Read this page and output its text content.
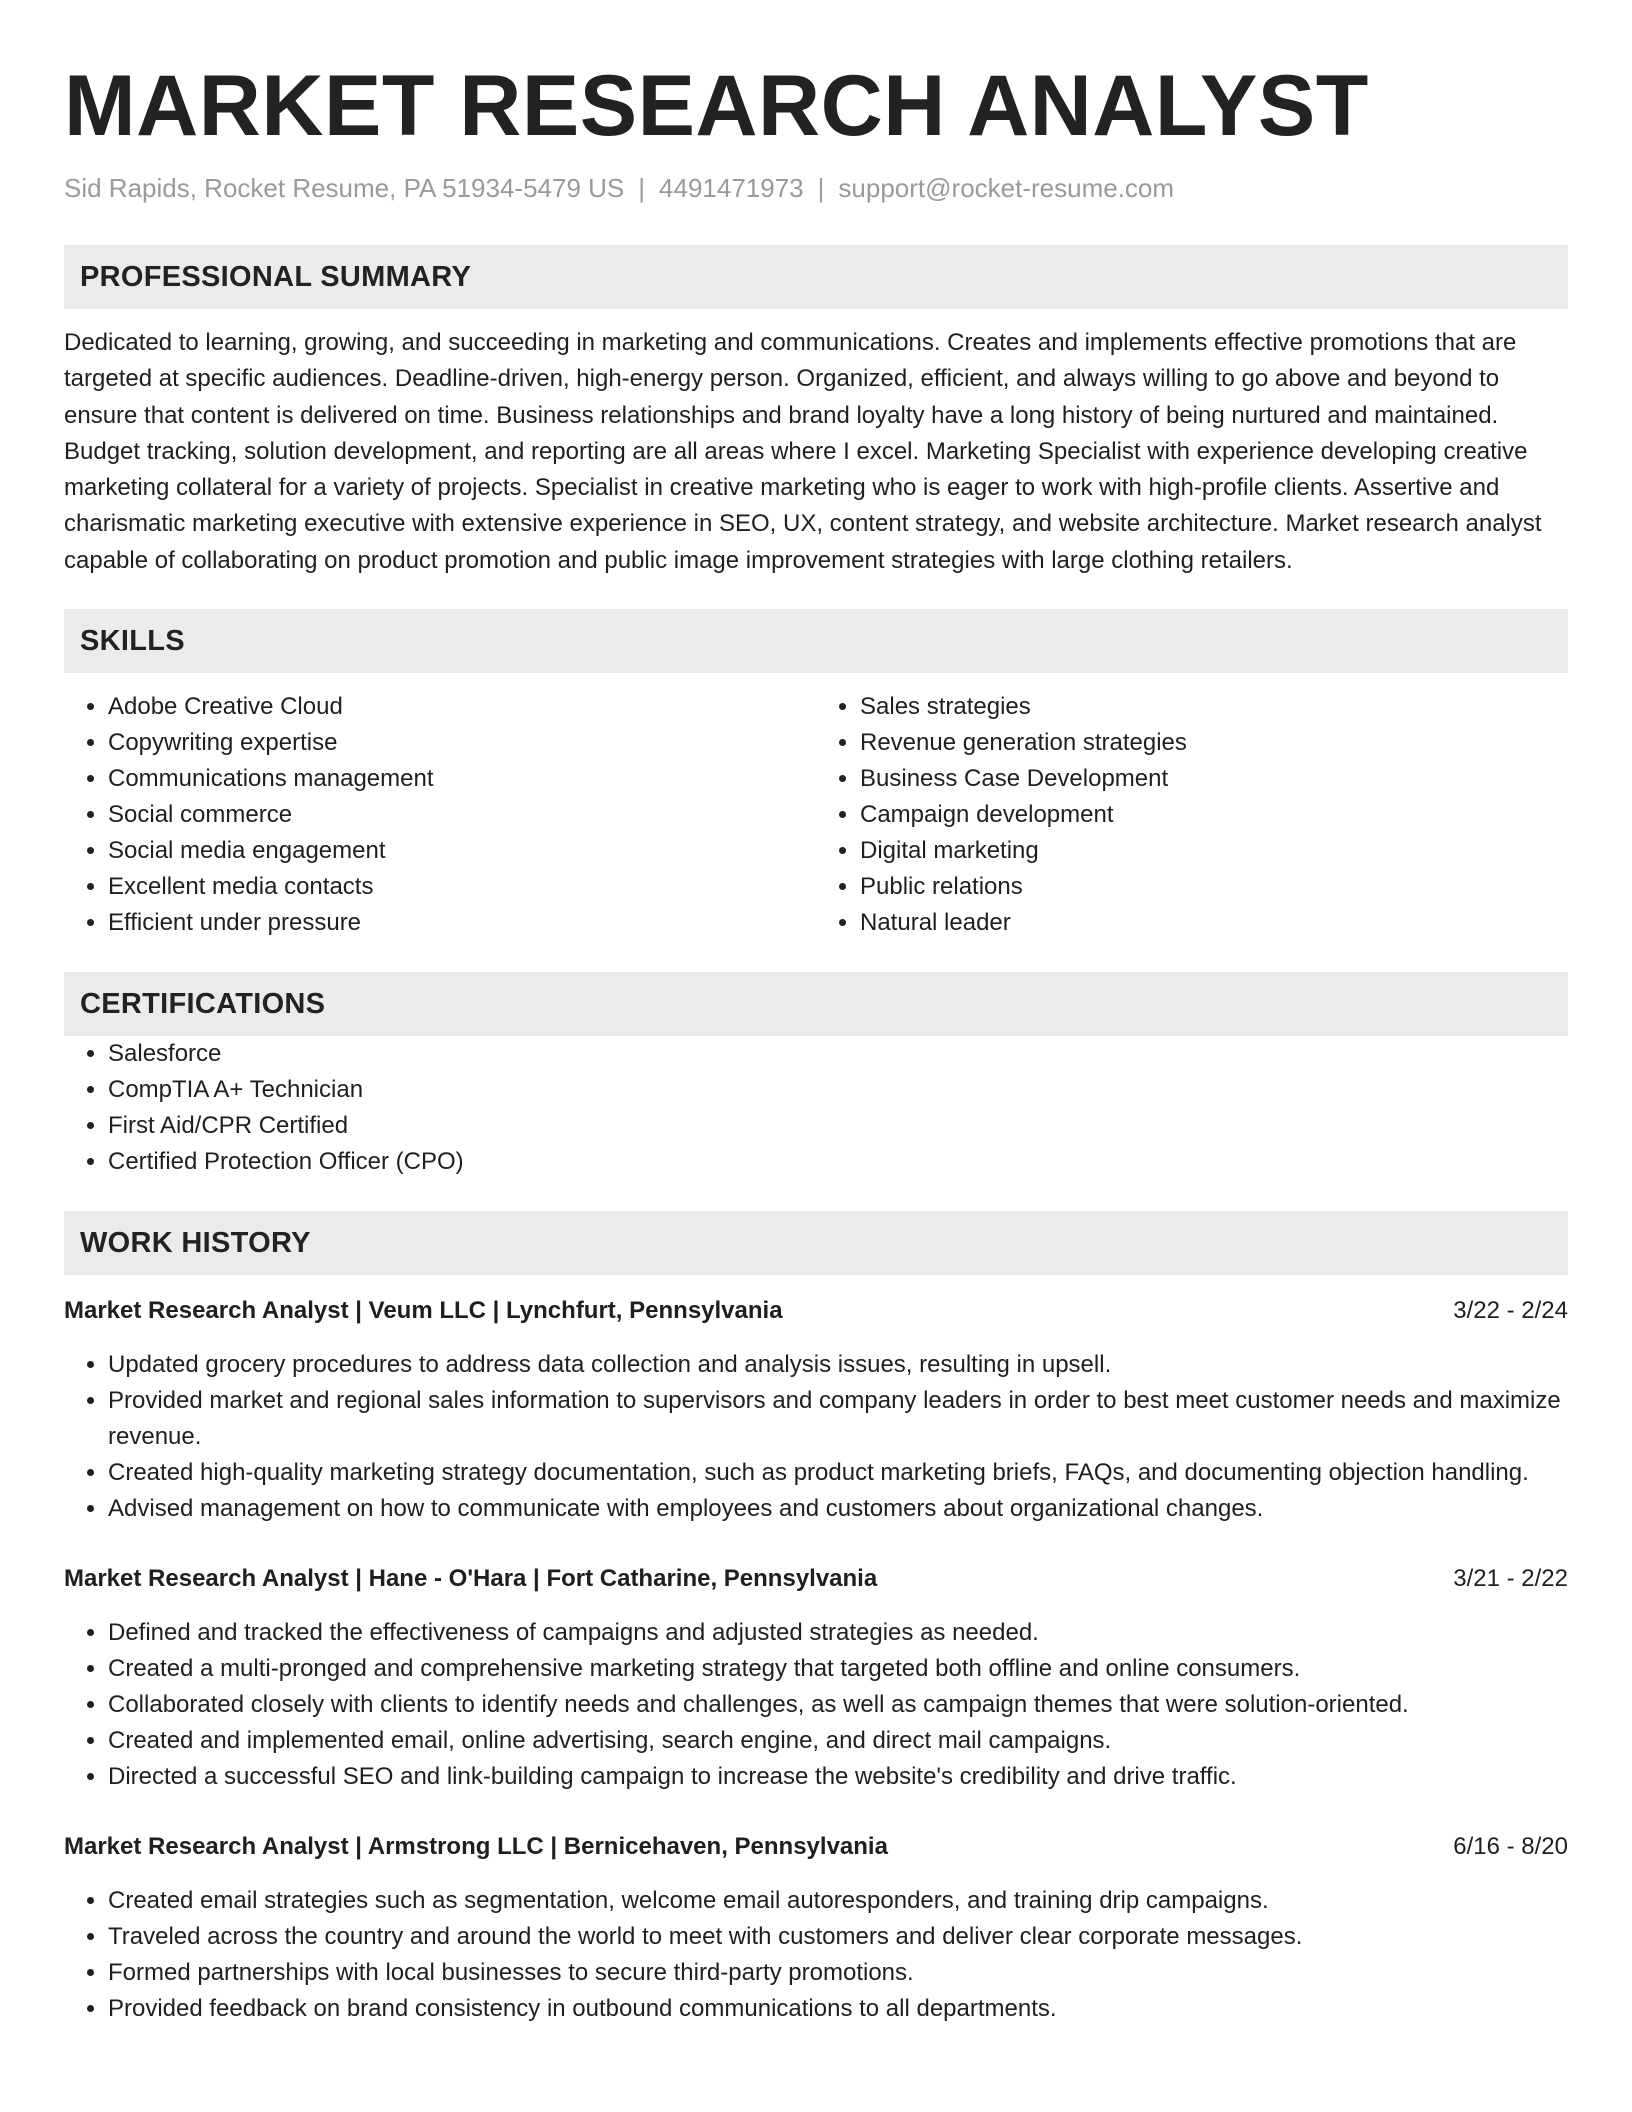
MARKET RESEARCH ANALYST
Sid Rapids, Rocket Resume, PA 51934-5479 US | 4491471973 | support@rocket-resume.com
PROFESSIONAL SUMMARY

Dedicated to learning, growing, and succeeding in marketing and communications. Creates and implements effective promotions that are targeted at specific audiences. Deadline-driven, high-energy person. Organized, efficient, and always willing to go above and beyond to ensure that content is delivered on time. Business relationships and brand loyalty have a long history of being nurtured and maintained. Budget tracking, solution development, and reporting are all areas where I excel. Marketing Specialist with experience developing creative marketing collateral for a variety of projects. Specialist in creative marketing who is eager to work with high-profile clients. Assertive and charismatic marketing executive with extensive experience in SEO, UX, content strategy, and website architecture. Market research analyst capable of collaborating on product promotion and public image improvement strategies with large clothing retailers.

SKILLS
• Adobe Creative Cloud
• Copywriting expertise
• Communications management
• Social commerce
• Social media engagement
• Excellent media contacts
• Efficient under pressure
• Sales strategies
• Revenue generation strategies
• Business Case Development
• Campaign development
• Digital marketing
• Public relations
• Natural leader
CERTIFICATIONS
• Salesforce
• CompTIA A+ Technician
• First Aid/CPR Certified
• Certified Protection Officer (CPO)
WORK HISTORY
Market Research Analyst | Veum LLC | Lynchfurt, Pennsylvania	3/22 - 2/24
• Updated grocery procedures to address data collection and analysis issues, resulting in upsell.
• Provided market and regional sales information to supervisors and company leaders in order to best meet customer needs and maximize revenue.
• Created high-quality marketing strategy documentation, such as product marketing briefs, FAQs, and documenting objection handling.
• Advised management on how to communicate with employees and customers about organizational changes.
Market Research Analyst | Hane - O'Hara | Fort Catharine, Pennsylvania	3/21 - 2/22
• Defined and tracked the effectiveness of campaigns and adjusted strategies as needed.
• Created a multi-pronged and comprehensive marketing strategy that targeted both offline and online consumers.
• Collaborated closely with clients to identify needs and challenges, as well as campaign themes that were solution-oriented.
• Created and implemented email, online advertising, search engine, and direct mail campaigns.
• Directed a successful SEO and link-building campaign to increase the website's credibility and drive traffic.
Market Research Analyst | Armstrong LLC | Bernicehaven, Pennsylvania	6/16 - 8/20
• Created email strategies such as segmentation, welcome email autoresponders, and training drip campaigns.
• Traveled across the country and around the world to meet with customers and deliver clear corporate messages.
• Formed partnerships with local businesses to secure third-party promotions.
• Provided feedback on brand consistency in outbound communications to all departments.
